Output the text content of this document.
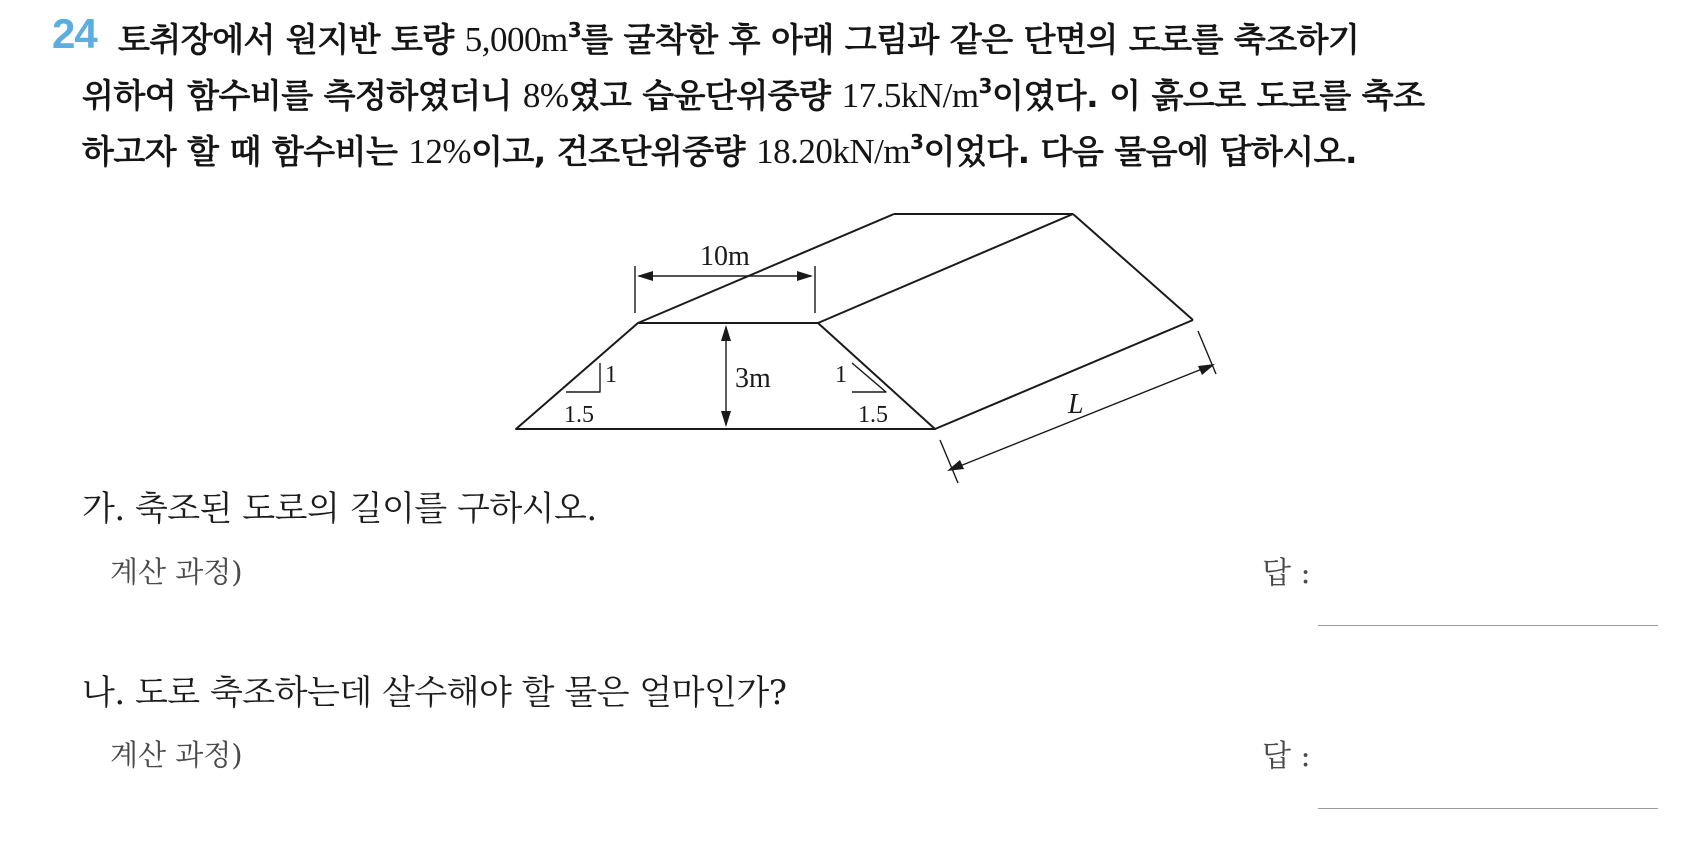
24 토취장에서 원지반 토량 $5,000m^3$를 굴착한 후 아래 그림과 같은 단면의 도로를 축조하기
위하여 함수비를 측정하였더니 8%였고 습윤단위중량 $17.5kN/m^3$이였다. 이 흙으로 도로를 축조
하고자 할 때 함수비는 12%이고, 건조단위중량 $18.20kN/m^3$이었다. 다음 물음에 답하시오.
10m
3m
1
1.5
1
1.5	L
가. 축조된 도로의 길이를 구하시오.
계산 과정)	답 :
나. 도로 축조하는데 살수해야 할 물은 얼마인가?
계산 과정)	답 :
